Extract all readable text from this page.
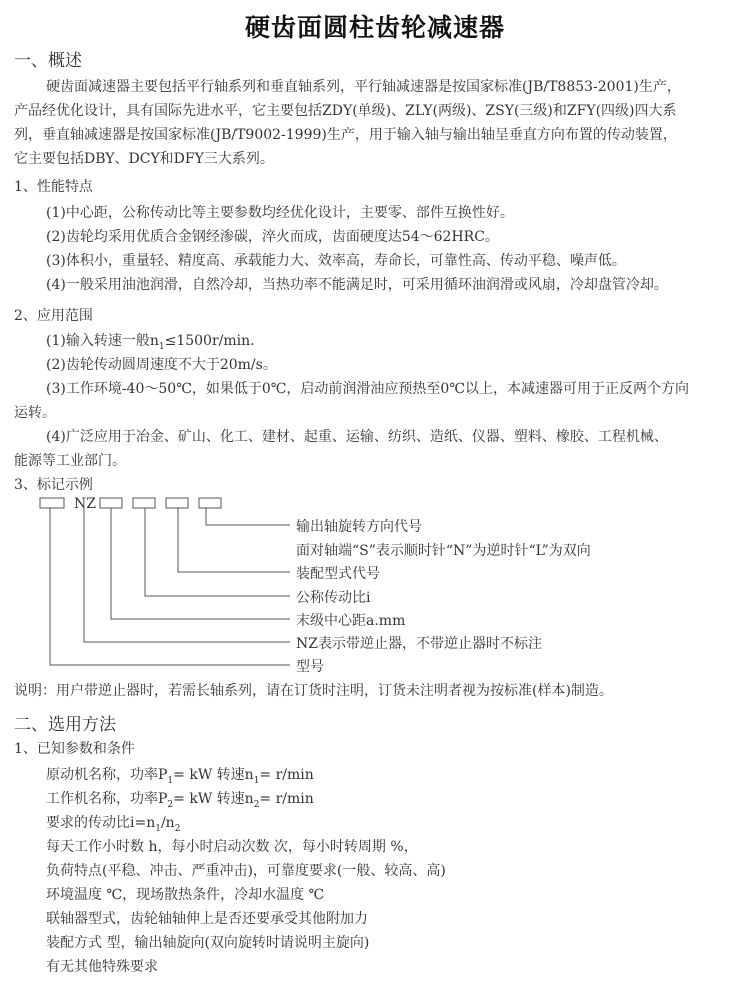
硬齿面圆柱齿轮减速器
一、概述
硬齿面减速器主要包括平行轴系列和垂直轴系列，平行轴减速器是按国家标准(JB/T8853-2001)生产，
产品经优化设计，具有国际先进水平，它主要包括ZDY(单级)、ZLY(两级)、ZSY(三级)和ZFY(四级)四大系
列，垂直轴减速器是按国家标准(JB/T9002-1999)生产，用于输入轴与输出轴呈垂直方向布置的传动装置，
它主要包括DBY、DCY和DFY三大系列。
1、性能特点
(1)中心距，公称传动比等主要参数均经优化设计，主要零、部件互换性好。
(2)齿轮均采用优质合金钢经渗碳，淬火而成，齿面硬度达54～62HRC。
(3)体积小，重量轻、精度高、承载能力大、效率高，寿命长，可靠性高、传动平稳、噪声低。
(4)一般采用油池润滑，自然冷却，当热功率不能满足时，可采用循环油润滑或风扇，冷却盘管冷却。
2、应用范围
(1)输入转速一般$n_1\le 1500r/\min$.
(2)齿轮传动圆周速度不大于20m/s。
(3)工作环境-40～50℃，如果低于0℃，启动前润滑油应预热至0℃以上，本减速器可用于正反两个方向
运转。
(4)广泛应用于冶金、矿山、化工、建材、起重、运输、纺织、造纸、仪器、塑料、橡胶、工程机械、
能源等工业部门。
3、标记示例
NZ
输出轴旋转方向代号
面对轴端“S”表示顺时针“N”为逆时针“L”为双向
装配型式代号
公称传动比i
末级中心距a.mm
NZ表示带逆止器，不带逆止器时不标注
型号
说明：用户带逆止器时，若需长轴系列，请在订货时注明，订货未注明者视为按标准(样本)制造。
二、选用方法
1、已知参数和条件
原动机名称，功率$P_1=$ kW 转速$n_1= r/\min$
工作机名称，功率$P_2=$ kW 转速$n_2= r/\min$
要求的传动比$i=n_1/n_2$
每天工作小时数 h，每小时启动次数 次，每小时转周期 %，
负荷特点(平稳、冲击、严重冲击)，可靠度要求(一般、较高、高)
环境温度 ℃，现场散热条件，冷却水温度 ℃
联轴器型式，齿轮轴轴伸上是否还要承受其他附加力
装配方式 型，输出轴旋向(双向旋转时请说明主旋向)
有无其他特殊要求
